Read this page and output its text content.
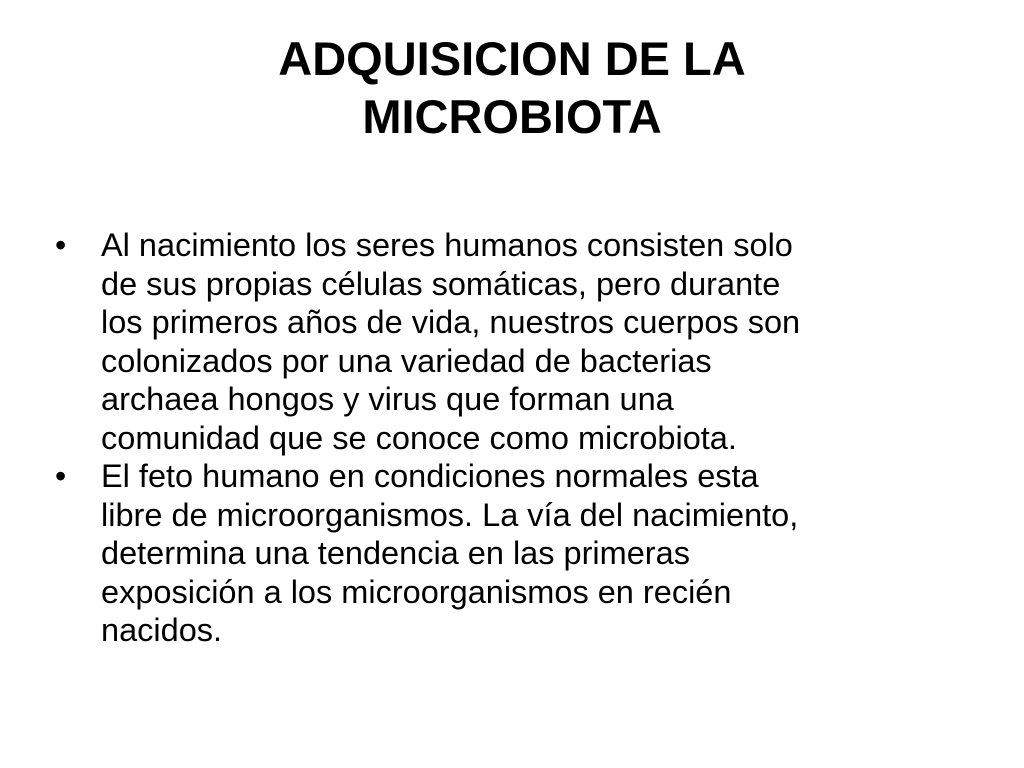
ADQUISICION DE LA
MICROBIOTA
• Al nacimiento los seres humanos consisten solo
de sus propias células somáticas, pero durante
los primeros años de vida, nuestros cuerpos son
colonizados por una variedad de bacterias
archaea hongos y virus que forman una
comunidad que se conoce como microbiota.
• El feto humano en condiciones normales esta
libre de microorganismos. La vía del nacimiento,
determina una tendencia en las primeras
exposición a los microorganismos en recién
nacidos.
